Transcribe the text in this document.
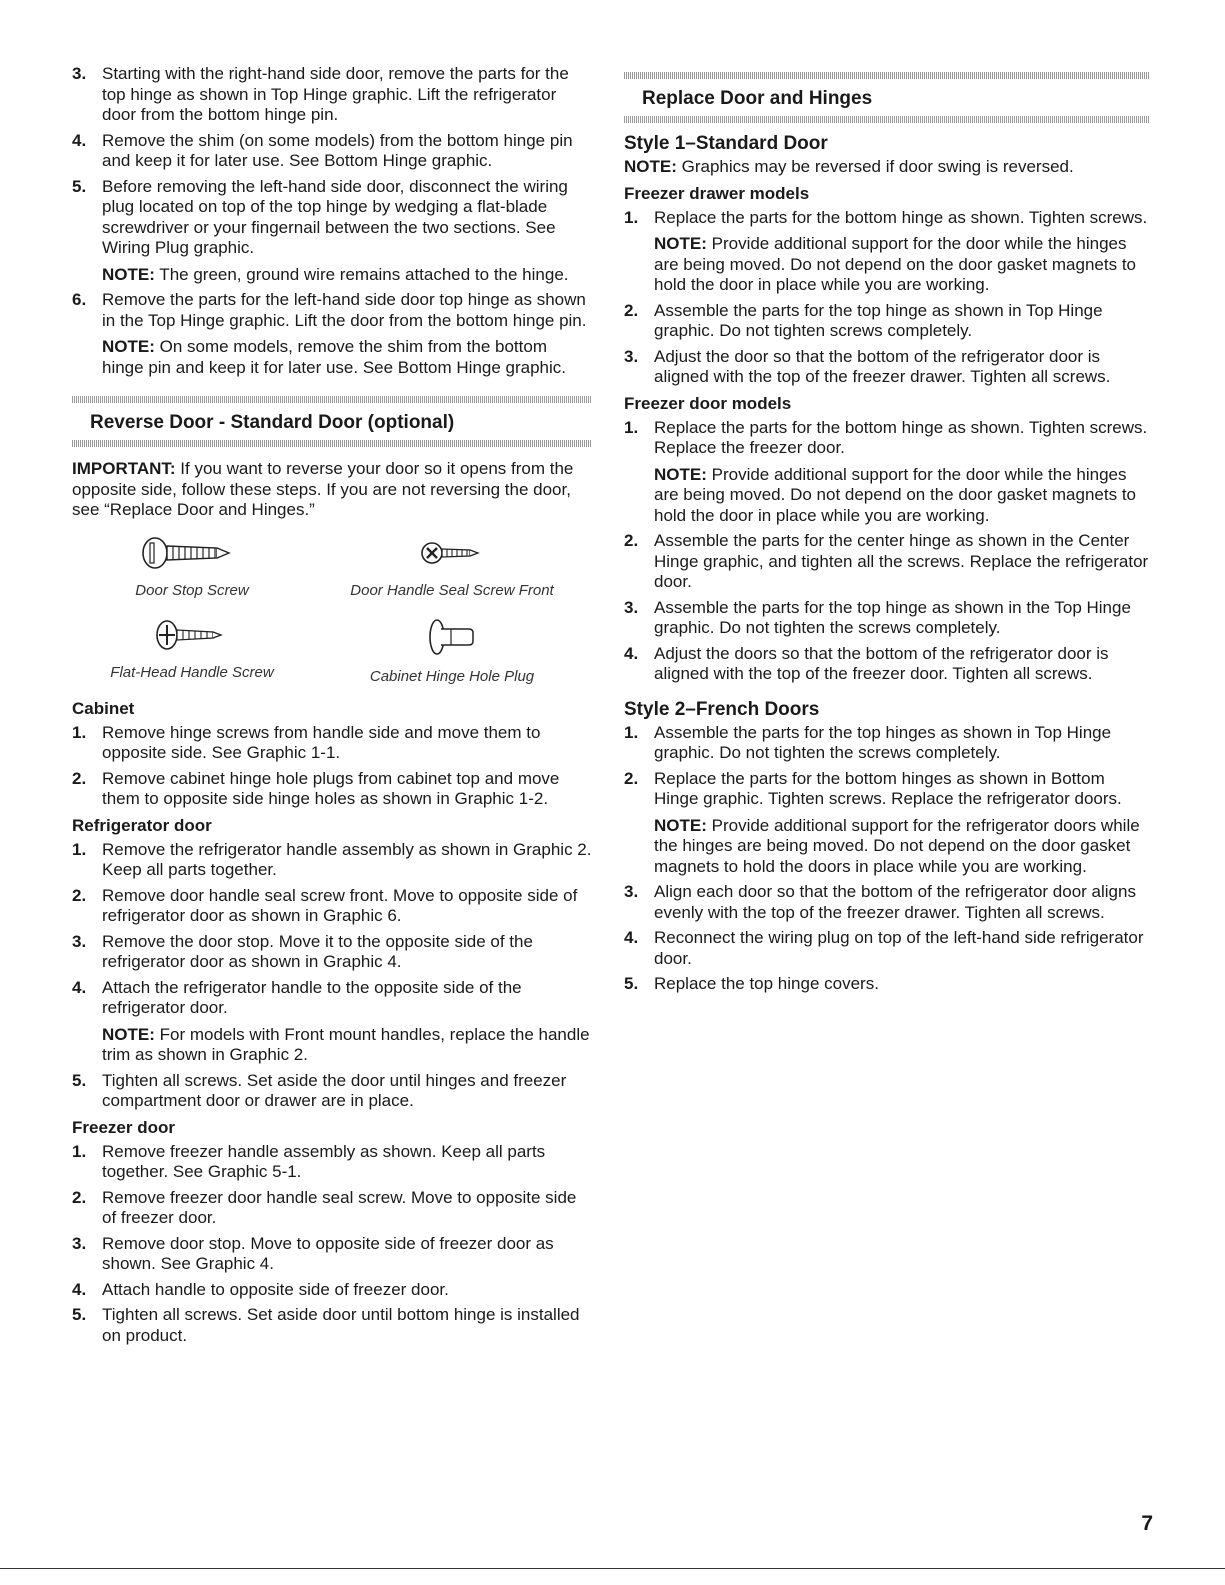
3. Starting with the right-hand side door, remove the parts for the top hinge as shown in Top Hinge graphic. Lift the refrigerator door from the bottom hinge pin.

4. Remove the shim (on some models) from the bottom hinge pin and keep it for later use. See Bottom Hinge graphic.

5. Before removing the left-hand side door, disconnect the wiring plug located on top of the top hinge by wedging a flat-blade screwdriver or your fingernail between the two sections. See Wiring Plug graphic.

NOTE: The green, ground wire remains attached to the hinge.

6. Remove the parts for the left-hand side door top hinge as shown in the Top Hinge graphic. Lift the door from the bottom hinge pin.

NOTE: On some models, remove the shim from the bottom hinge pin and keep it for later use. See Bottom Hinge graphic.

Reverse Door - Standard Door (optional)

IMPORTANT: If you want to reverse your door so it opens from the opposite side, follow these steps. If you are not reversing the door, see “Replace Door and Hinges.”

Door Stop Screw	Door Handle Seal Screw Front
Flat-Head Handle Screw	Cabinet Hinge Hole Plug
Cabinet
1. Remove hinge screws from handle side and move them to opposite side. See Graphic 1-1.

2. Remove cabinet hinge hole plugs from cabinet top and move them to opposite side hinge holes as shown in Graphic 1-2.

Refrigerator door
1. Remove the refrigerator handle assembly as shown in Graphic 2. Keep all parts together.

2. Remove door handle seal screw front. Move to opposite side of refrigerator door as shown in Graphic 6.

3. Remove the door stop. Move it to the opposite side of the refrigerator door as shown in Graphic 4.

4. Attach the refrigerator handle to the opposite side of the refrigerator door.

NOTE: For models with Front mount handles, replace the handle trim as shown in Graphic 2.

5. Tighten all screws. Set aside the door until hinges and freezer compartment door or drawer are in place.

Freezer door
1. Remove freezer handle assembly as shown. Keep all parts together. See Graphic 5-1.

2. Remove freezer door handle seal screw. Move to opposite side of freezer door.

3. Remove door stop. Move to opposite side of freezer door as shown. See Graphic 4.

4. Attach handle to opposite side of freezer door.

5. Tighten all screws. Set aside door until bottom hinge is installed on product.

Replace Door and Hinges
Style 1–Standard Door

NOTE: Graphics may be reversed if door swing is reversed.

Freezer drawer models
1. Replace the parts for the bottom hinge as shown. Tighten screws.

NOTE: Provide additional support for the door while the hinges are being moved. Do not depend on the door gasket magnets to hold the door in place while you are working.

2. Assemble the parts for the top hinge as shown in Top Hinge graphic. Do not tighten screws completely.

3. Adjust the door so that the bottom of the refrigerator door is aligned with the top of the freezer drawer. Tighten all screws.

Freezer door models
1. Replace the parts for the bottom hinge as shown. Tighten screws. Replace the freezer door.

NOTE: Provide additional support for the door while the hinges are being moved. Do not depend on the door gasket magnets to hold the door in place while you are working.

2. Assemble the parts for the center hinge as shown in the Center Hinge graphic, and tighten all the screws. Replace the refrigerator door.

3. Assemble the parts for the top hinge as shown in the Top Hinge graphic. Do not tighten the screws completely.

4. Adjust the doors so that the bottom of the refrigerator door is aligned with the top of the freezer door. Tighten all screws.

Style 2–French Doors
1. Assemble the parts for the top hinges as shown in Top Hinge graphic. Do not tighten the screws completely.

2. Replace the parts for the bottom hinges as shown in Bottom Hinge graphic. Tighten screws. Replace the refrigerator doors.

NOTE: Provide additional support for the refrigerator doors while the hinges are being moved. Do not depend on the door gasket magnets to hold the doors in place while you are working.

3. Align each door so that the bottom of the refrigerator door aligns evenly with the top of the freezer drawer. Tighten all screws.

4. Reconnect the wiring plug on top of the left-hand side refrigerator door.

5. Replace the top hinge covers.

7
